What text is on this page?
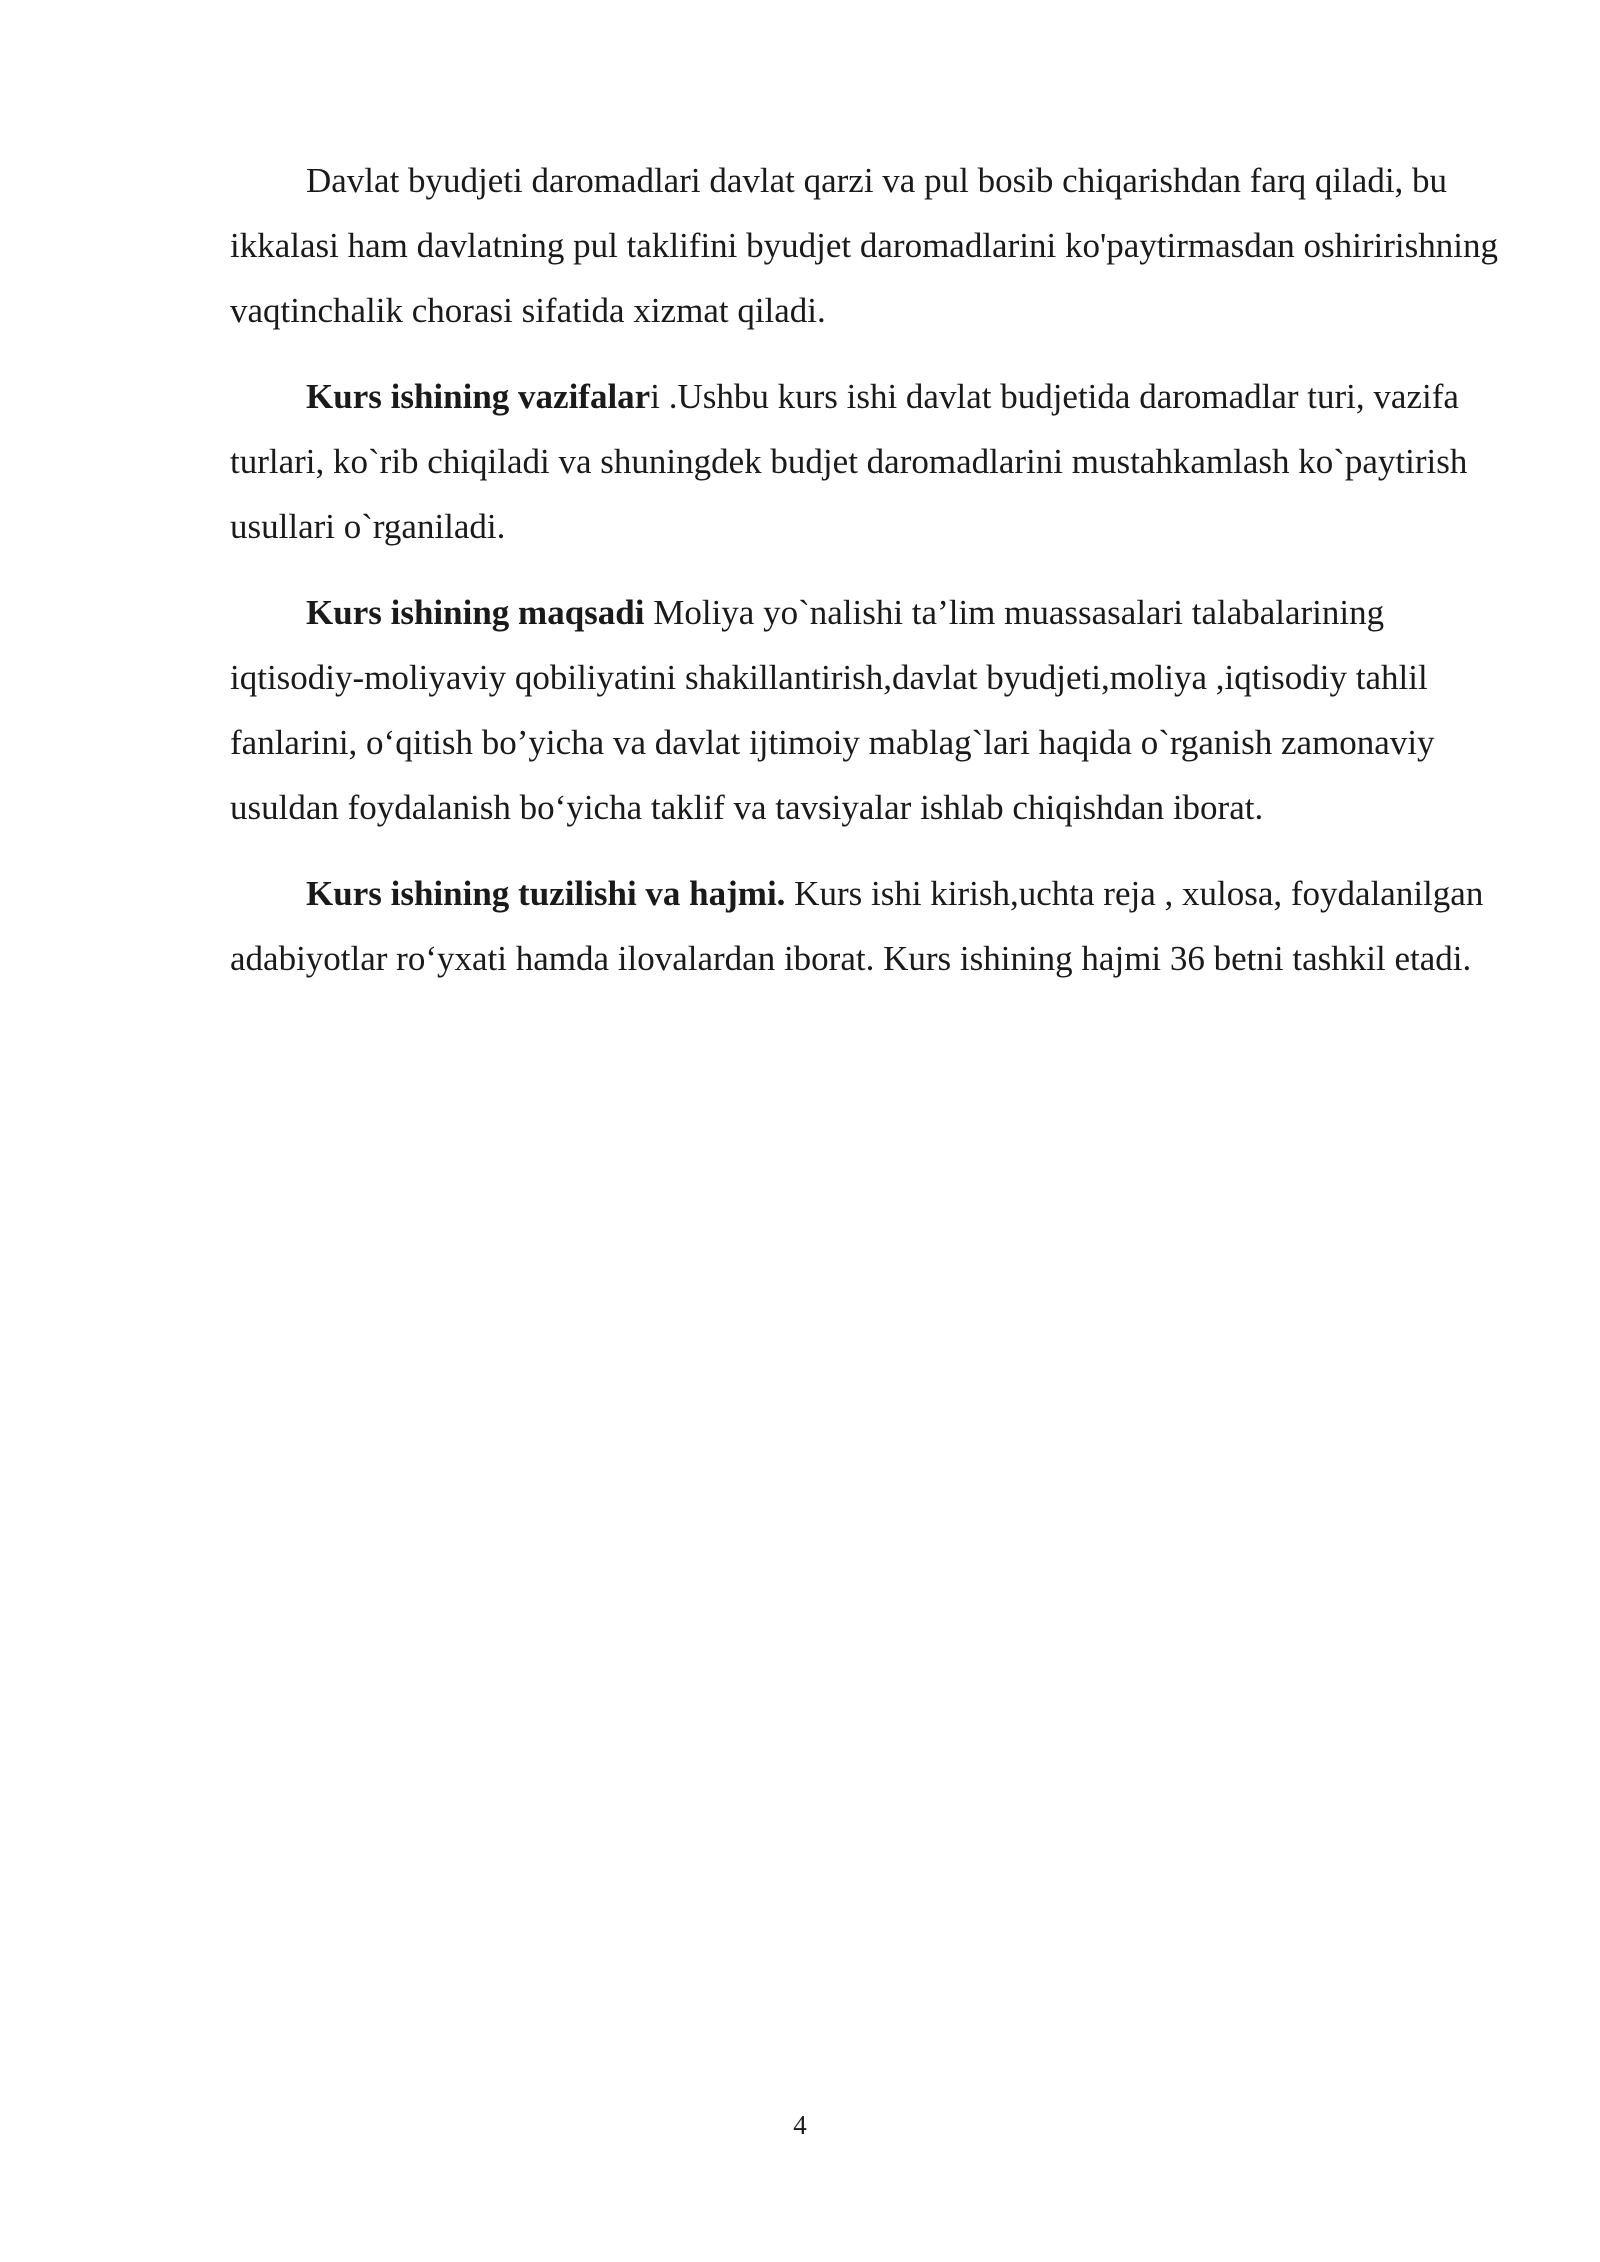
Davlat byudjeti daromadlari davlat qarzi va pul bosib chiqarishdan farq qiladi, bu ikkalasi ham davlatning pul taklifini byudjet daromadlarini ko'paytirmasdan oshiririshning vaqtinchalik chorasi sifatida xizmat qiladi.

Kurs ishining vazifalari .Ushbu kurs ishi davlat budjetida daromadlar turi, vazifa turlari, ko`rib chiqiladi va shuningdek budjet daromadlarini mustahkamlash ko`paytirish usullari o`rganiladi.

Kurs ishining maqsadi Moliya yo`nalishi ta’lim muassasalari talabalarining iqtisodiy-moliyaviy qobiliyatini shakillantirish,davlat byudjeti,moliya ,iqtisodiy tahlil fanlarini, o‘qitish bo’yicha va davlat ijtimoiy mablag`lari haqida o`rganish zamonaviy usuldan foydalanish bo‘yicha taklif va tavsiyalar ishlab chiqishdan iborat.

Kurs ishining tuzilishi va hajmi. Kurs ishi kirish,uchta reja , xulosa, foydalanilgan adabiyotlar ro‘yxati hamda ilovalardan iborat. Kurs ishining hajmi 36 betni tashkil etadi.

4
